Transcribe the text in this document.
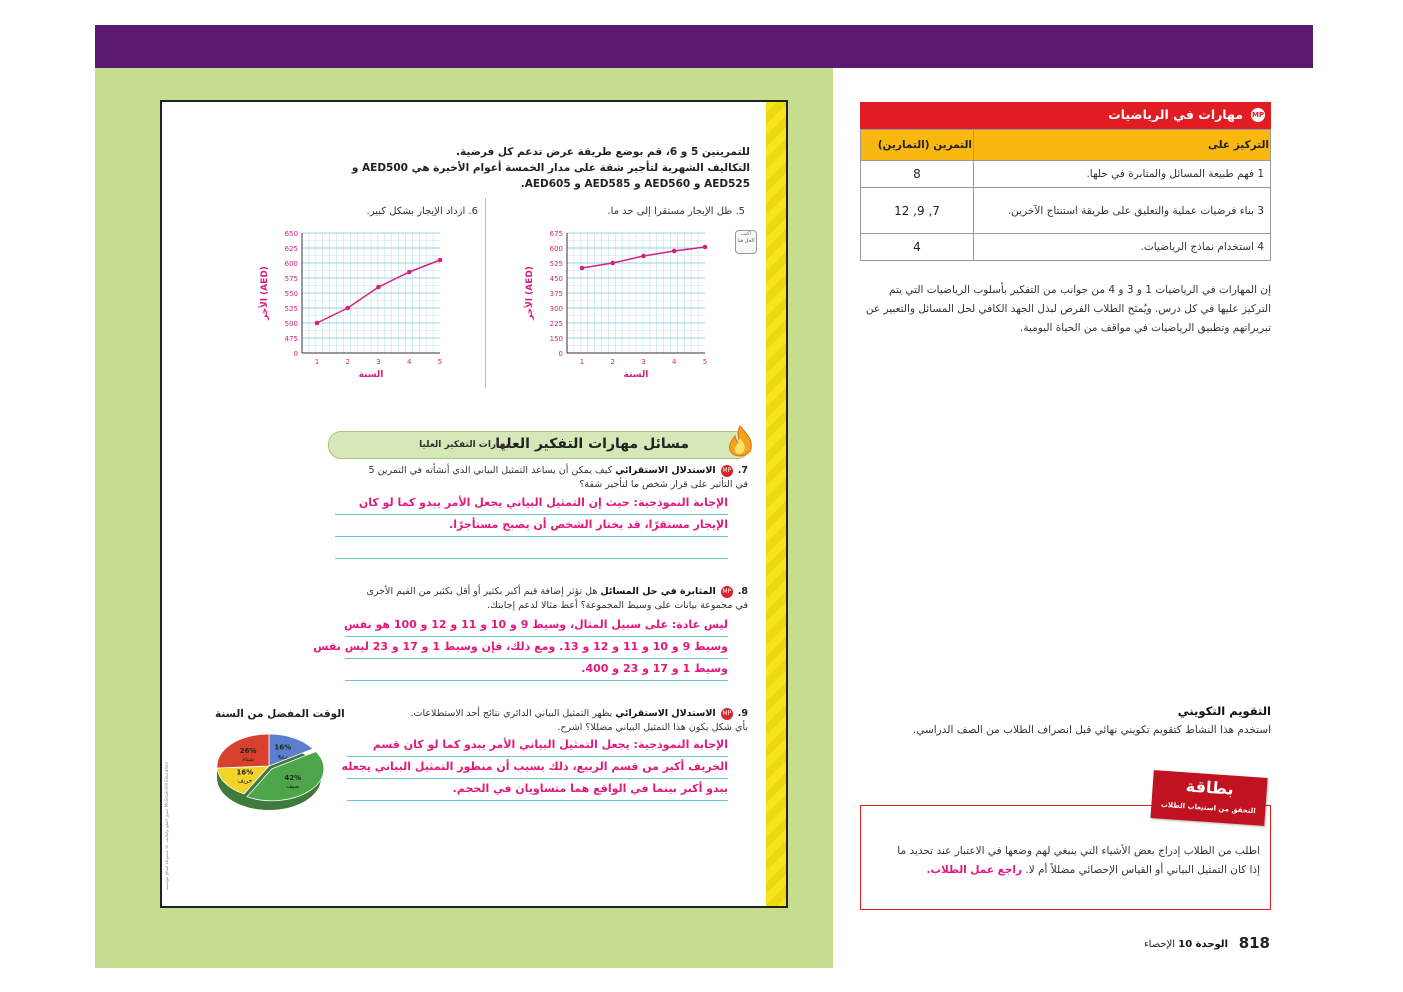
حقوق الطبع والتأليف © محفوظة لصالح مؤسسة McGraw-Hill Education
للتمرينين 5 و 6، قم بوضع طريقة عرض تدعم كل فرضية.
التكاليف الشهرية لتأجير شقة على مدار الخمسة أعوام الأخيرة هي AED500 و
AED525 و AED560 و AED585 و AED605.
5. ظل الإيجار مستقرا إلى حد ما.
6. ازداد الإيجار بشكل كبير.
اكتب الحل هنا
0
150
225
300
375
450
525
600
675
1	2	3	4	5
السنة
الأجر (AED)
0
475
500
525
550
575
600
625
650
1	2	3	4	5
السنة
الأجر (AED)
مسائل مهارات التفكير العليا
مهارات التفكير العليا
7. MP الاستدلال الاستقرائي كيف يمكن أن يساعد التمثيل البياني الذي أنشأته في التمرين 5
في التأثير على قرار شخص ما لتأجير شقة؟
الإجابة النموذجية: حيث إن التمثيل البياني يجعل الأمر يبدو كما لو كان
الإيجار مستقرًا، قد يختار الشخص أن يصبح مستأجرًا.
8. MP المثابرة في حل المسائل هل تؤثر إضافة قيم أكبر بكثير أو أقل بكثير من القيم الأخرى
في مجموعة بيانات على وسيط المجموعة؟ أعط مثالا لدعم إجابتك.
ليس عادة: على سبيل المثال، وسيط 9 و 10 و 11 و 12 و 100 هو نفس
وسيط 9 و 10 و 11 و 12 و 13. ومع ذلك، فإن وسيط 1 و 17 و 23 ليس نفس
وسيط 1 و 17 و 23 و 400.
9. MP الاستدلال الاستقرائي يظهر التمثيل البياني الدائري نتائج أحد الاستطلاعات.
بأي شكل يكون هذا التمثيل البياني مضللا؟ اشرح.
الإجابة النموذجية: يجعل التمثيل البياني الأمر يبدو كما لو كان قسم
الخريف أكبر من قسم الربيع، ذلك بسبب أن منظور التمثيل البياني يجعله
يبدو أكبر بينما في الواقع هما متساويان في الحجم.
الوقت المفضل من السنة
16%
ربيع
42%
صيف
16%
خريف
26%
شتاء
MP
مهارات في الرياضيات
التركيز على	التمرين (التمارين)
1 فهم طبيعة المسائل والمثابرة في حلها.	8
3 بناء فرضيات عملية والتعليق على طريقة استنتاج الآخرين.	7, 9, 12
4 استخدام نماذج الرياضيات.	4
إن المهارات في الرياضيات 1 و 3 و 4 من جوانب من التفكير بأسلوب الرياضيات التي يتم التركيز عليها في كل درس. ويُمنَح الطلاب الفرص لبذل الجهد الكافي لحل المسائل والتعبير عن تبريراتهم وتطبيق الرياضيات في مواقف من الحياة اليومية.
التقويم التكويني
استخدم هذا النشاط كتقويم تكويني نهائي قبل انصراف الطلاب من الصف الدراسي.
اطلب من الطلاب إدراج بعض الأشياء التي ينبغي لهم وضعها في الاعتبار عند تحديد ما إذا كان التمثيل البياني أو القياس الإحصائي مضللاً أم لا. راجع عمل الطلاب.
بطاقة
التحقق من استيعاب الطلاب
الوحدة 10 الإحصاء	818
